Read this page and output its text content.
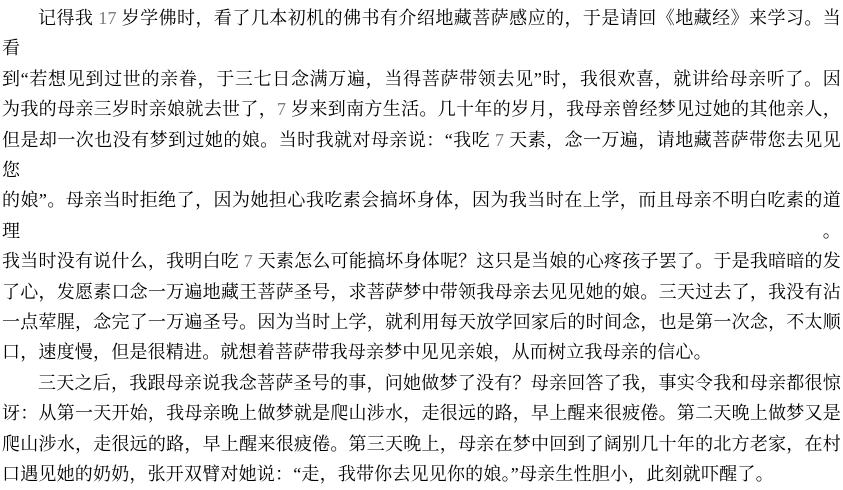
记得我 17 岁学佛时，看了几本初机的佛书有介绍地藏菩萨感应的，于是请回《地藏经》来学习。当看
到“若想见到过世的亲眷，于三七日念满万遍，当得菩萨带领去见”时，我很欢喜，就讲给母亲听了。因
为我的母亲三岁时亲娘就去世了，7 岁来到南方生活。几十年的岁月，我母亲曾经梦见过她的其他亲人，
但是却一次也没有梦到过她的娘。当时我就对母亲说：“我吃 7 天素，念一万遍，请地藏菩萨带您去见见您
的娘”。母亲当时拒绝了，因为她担心我吃素会搞坏身体，因为我当时在上学，而且母亲不明白吃素的道理。
我当时没有说什么，我明白吃 7 天素怎么可能搞坏身体呢？这只是当娘的心疼孩子罢了。于是我暗暗的发
了心，发愿素口念一万遍地藏王菩萨圣号，求菩萨梦中带领我母亲去见见她的娘。三天过去了，我没有沾
一点荤腥，念完了一万遍圣号。因为当时上学，就利用每天放学回家后的时间念，也是第一次念，不太顺
口，速度慢，但是很精进。就想着菩萨带我母亲梦中见见亲娘，从而树立我母亲的信心。
三天之后，我跟母亲说我念菩萨圣号的事，问她做梦了没有？母亲回答了我，事实令我和母亲都很惊
讶：从第一天开始，我母亲晚上做梦就是爬山涉水，走很远的路，早上醒来很疲倦。第二天晚上做梦又是
爬山涉水，走很远的路，早上醒来很疲倦。第三天晚上，母亲在梦中回到了阔别几十年的北方老家，在村
口遇见她的奶奶，张开双臂对她说：“走，我带你去见见你的娘。”母亲生性胆小，此刻就吓醒了。
